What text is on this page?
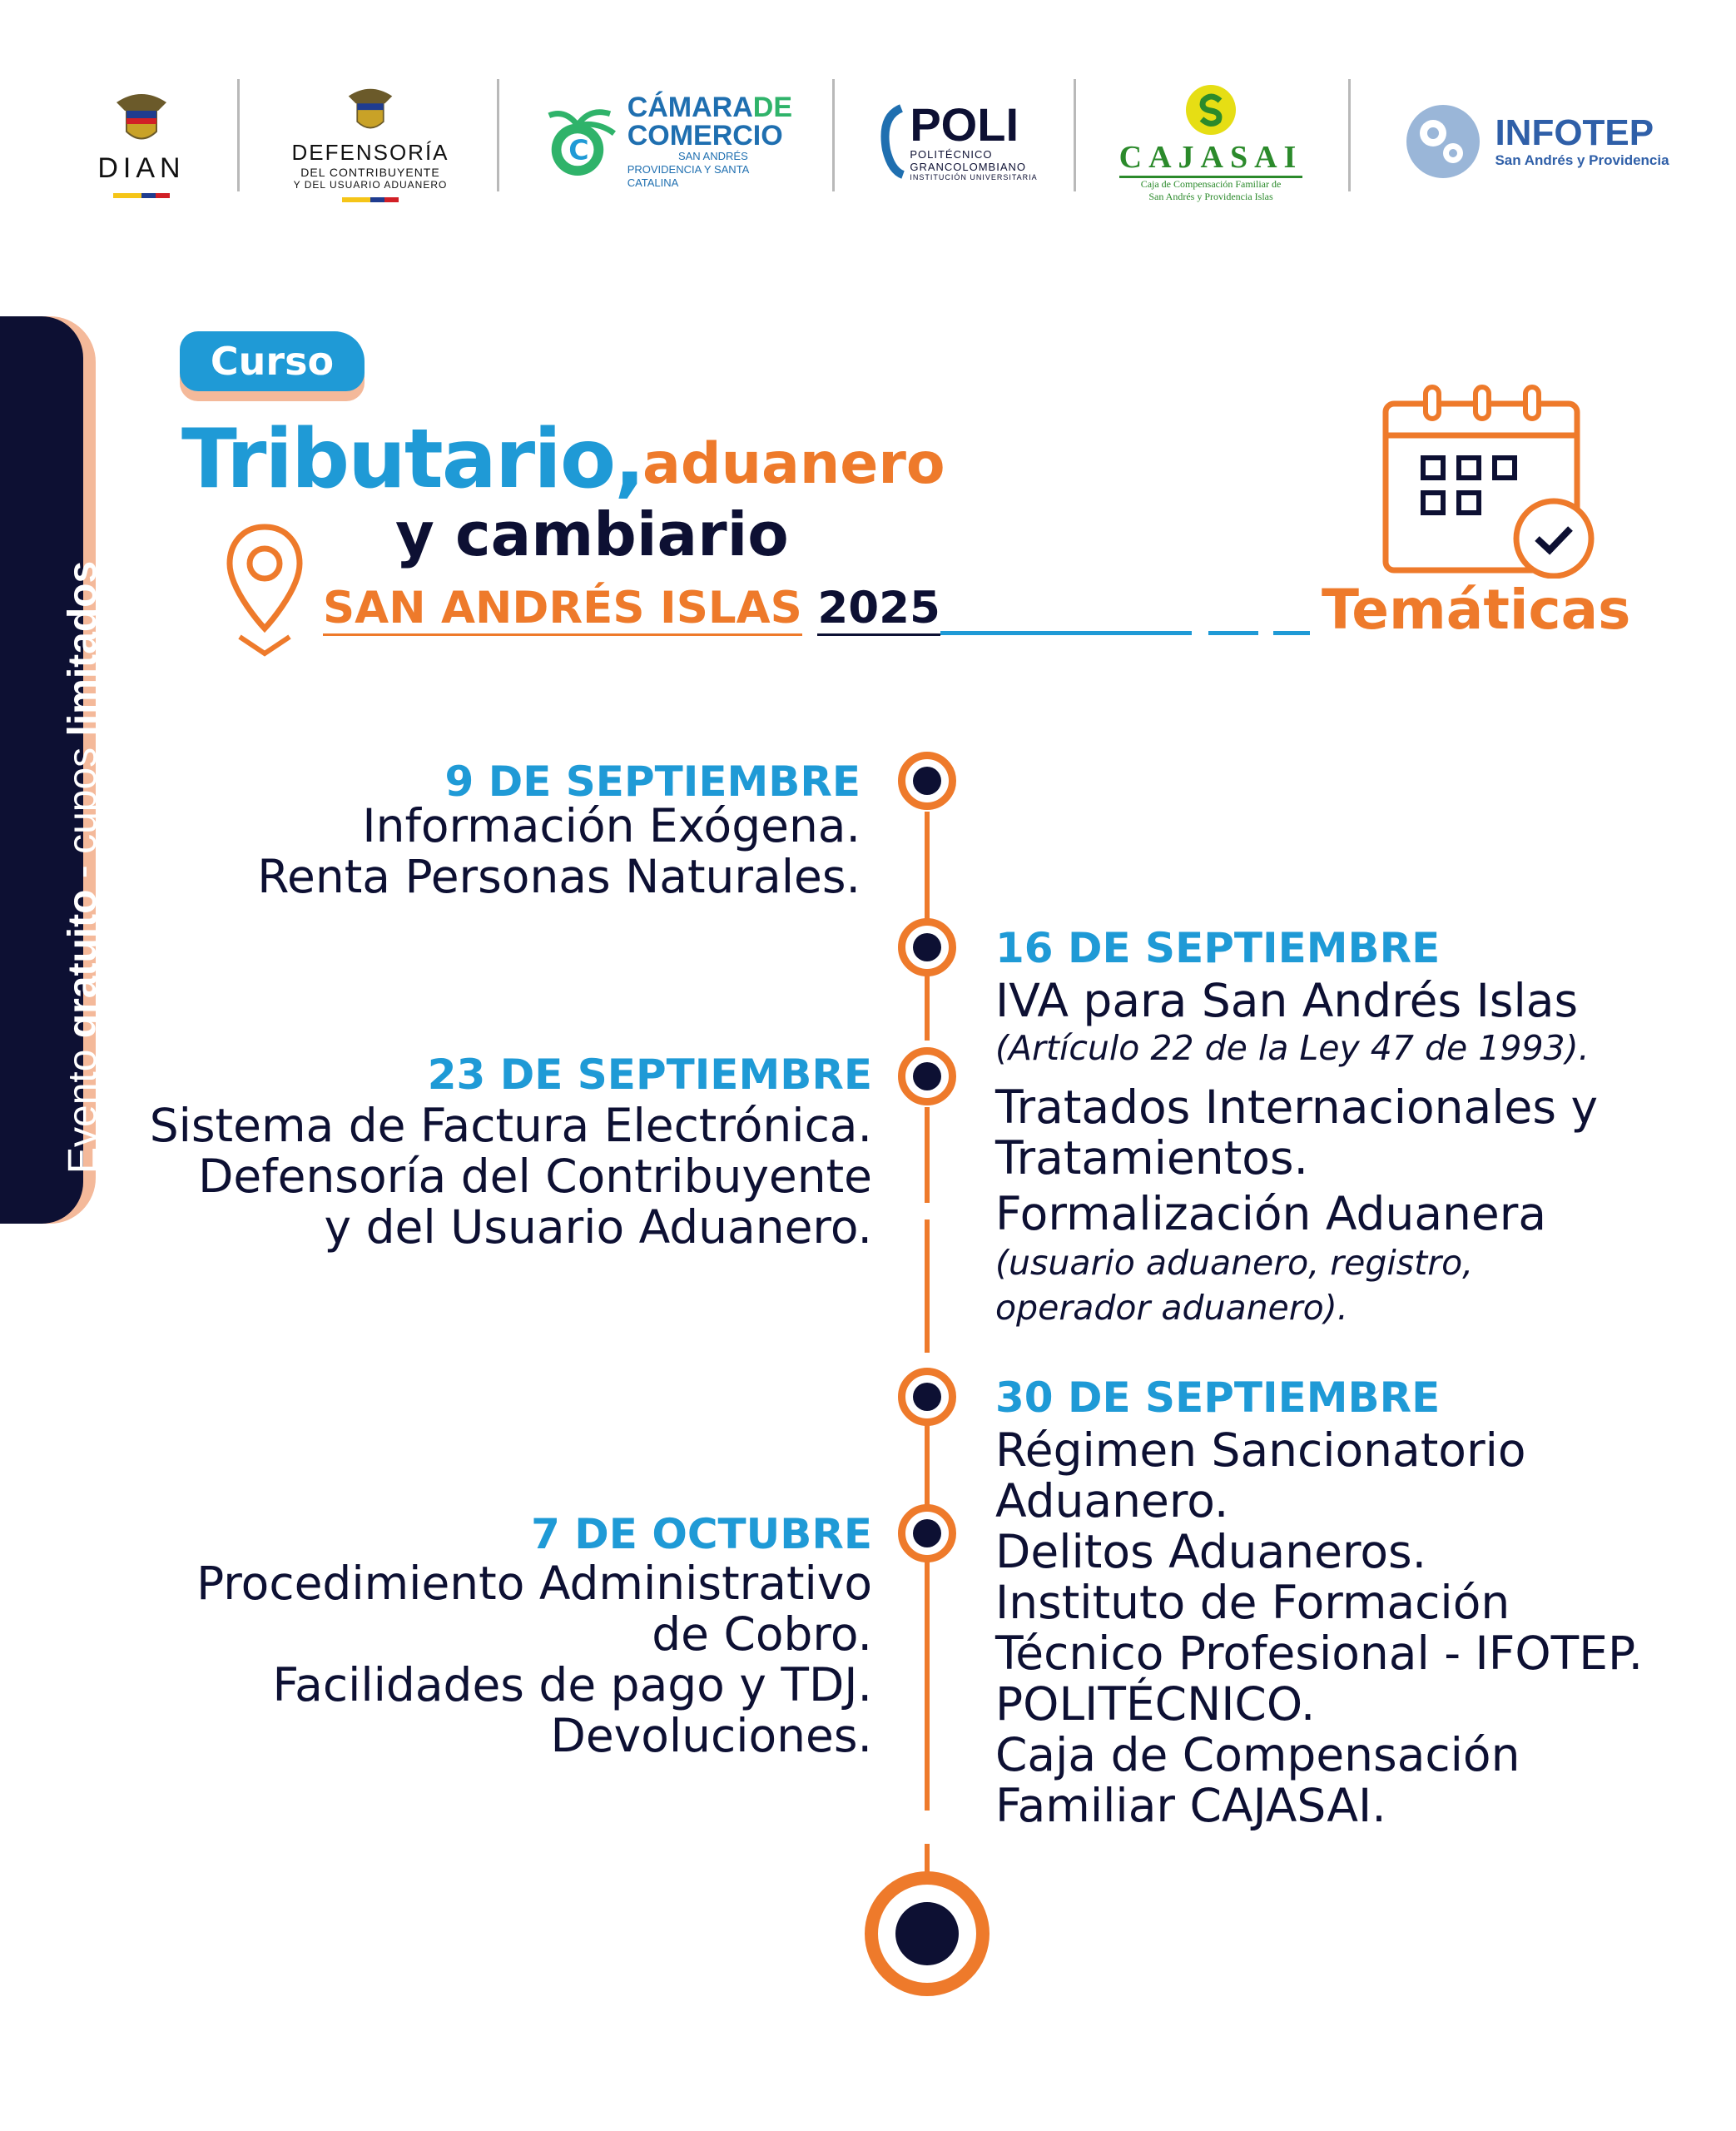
DIAN	DEFENSORÍA
DEL CONTRIBUYENTE
Y DEL USUARIO ADUANERO
C
CÁMARADE
COMERCIO
SAN ANDRÉS
PROVIDENCIA Y SANTA CATALINA
POLI
POLITÉCNICO
GRANCOLOMBIANO
INSTITUCIÓN UNIVERSITARIA
CAJASAI
Caja de Compensación Familiar de
San Andrés y Providencia Islas
INFOTEP
San Andrés y Providencia
Evento gratuito - cupos limitados
Curso
Tributario,
aduanero
y cambiario
SAN ANDRÉS ISLAS 2025	Temáticas
9 DE SEPTIEMBRE
Información Exógena.
Renta Personas Naturales.
16 DE SEPTIEMBRE
IVA para San Andrés Islas
(Artículo 22 de la Ley 47 de 1993).
Tratados Internacionales y
Tratamientos.
Formalización Aduanera
(usuario aduanero, registro,
operador aduanero).
23 DE SEPTIEMBRE
Sistema de Factura Electrónica.
Defensoría del Contribuyente
y del Usuario Aduanero.
30 DE SEPTIEMBRE
Régimen Sancionatorio
Aduanero.
Delitos Aduaneros.
Instituto de Formación
Técnico Profesional - IFOTEP.
POLITÉCNICO.
Caja de Compensación
Familiar CAJASAI.
7 DE OCTUBRE
Procedimiento Administrativo
de Cobro.
Facilidades de pago y TDJ.
Devoluciones.
